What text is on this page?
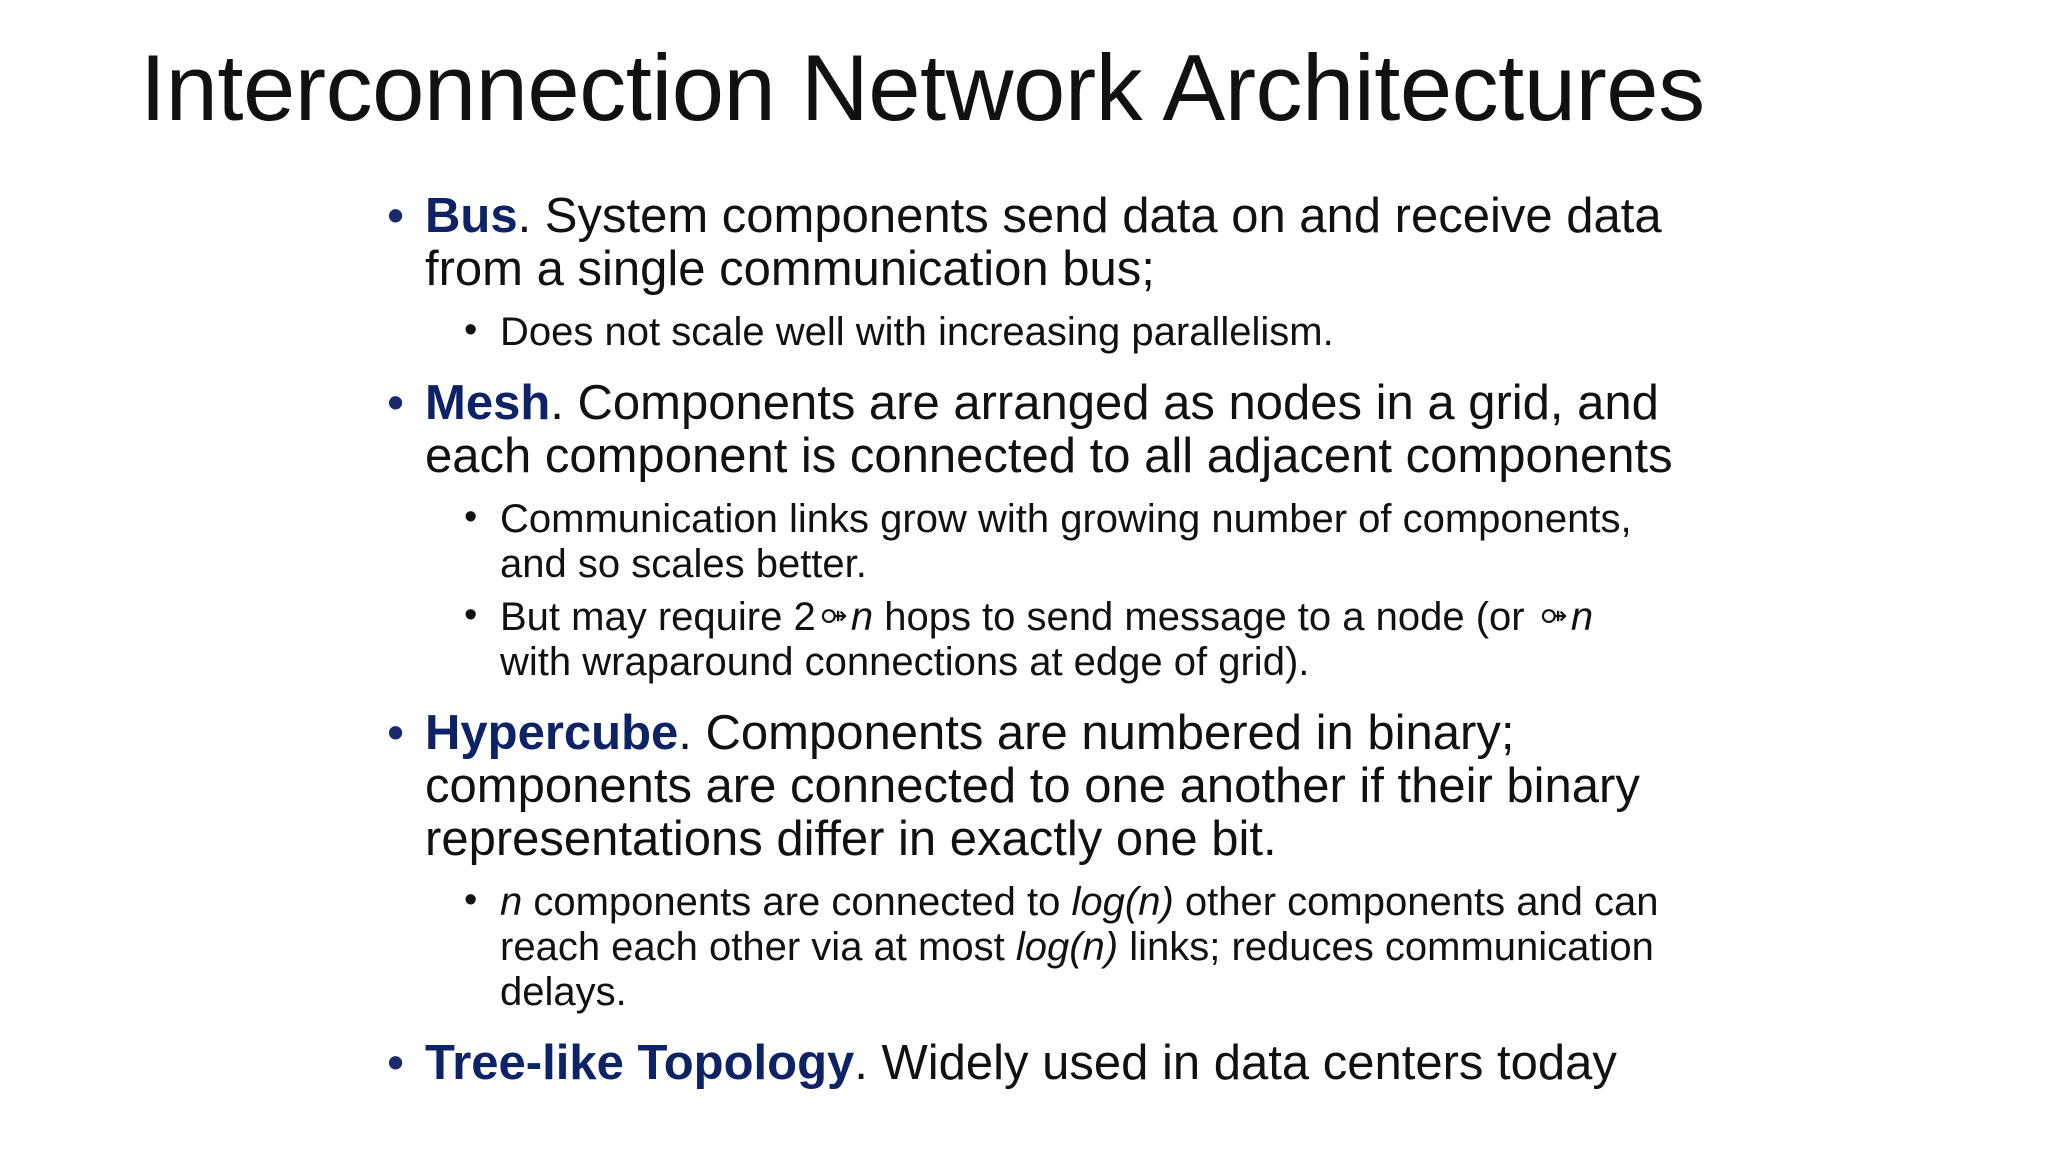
Interconnection Network Architectures
• Bus. System components send data on and receive data from a single communication bus;
• Does not scale well with increasing parallelism.
• Mesh. Components are arranged as nodes in a grid, and each component is connected to all adjacent components
• Communication links grow with growing number of components, and so scales better.
• But may require 2 ⚩ n hops to send message to a node (or ⚩ n with wraparound connections at edge of grid).
• Hypercube. Components are numbered in binary; components are connected to one another if their binary representations differ in exactly one bit.
• n components are connected to log(n) other components and can reach each other via at most log(n) links; reduces communication delays.
• Tree-like Topology. Widely used in data centers today
